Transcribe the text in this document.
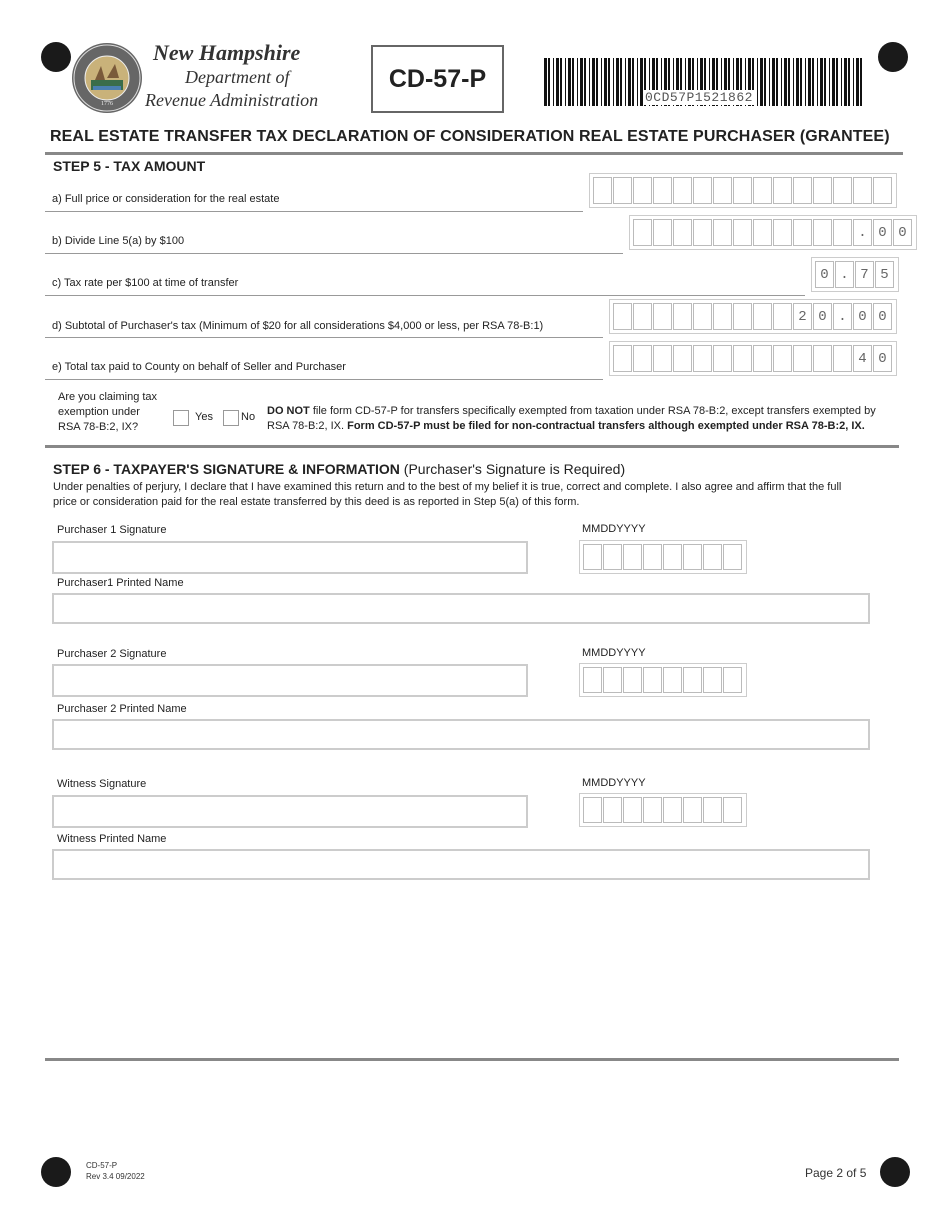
1776
New Hampshire
Department of
Revenue Administration
CD-57-P
0CD57P1521862
REAL ESTATE TRANSFER TAX DECLARATION OF CONSIDERATION REAL ESTATE PURCHASER (GRANTEE)
STEP 5 - TAX AMOUNT
a) Full price or consideration for the real estate
b) Divide Line 5(a) by $100
. 0 0
c) Tax rate per $100 at time of transfer
0 . 7 5
d) Subtotal of Purchaser's tax (Minimum of $20 for all considerations $4,000 or less, per RSA 78-B:1)
2 0 . 0 0
e) Total tax paid to County on behalf of Seller and Purchaser
4 0
Are you claiming tax
exemption under
RSA 78-B:2, IX?
Yes	No DO NOT file form CD-57-P for transfers specifically exempted from taxation under RSA 78-B:2, except transfers exempted by
RSA 78-B:2, IX. Form CD-57-P must be filed for non-contractual transfers although exempted under RSA 78-B:2, IX.
STEP 6 - TAXPAYER'S SIGNATURE & INFORMATION (Purchaser's Signature is Required)
Under penalties of perjury, I declare that I have examined this return and to the best of my belief it is true, correct and complete. I also agree and affirm that the full
price or consideration paid for the real estate transferred by this deed is as reported in Step 5(a) of this form.
Purchaser 1 Signature	MMDDYYYY
Purchaser1 Printed Name
Purchaser 2 Signature	MMDDYYYY
Purchaser 2 Printed Name
Witness Signature	MMDDYYYY
Witness Printed Name
CD-57-P
Rev 3.4 09/2022	Page 2 of 5
